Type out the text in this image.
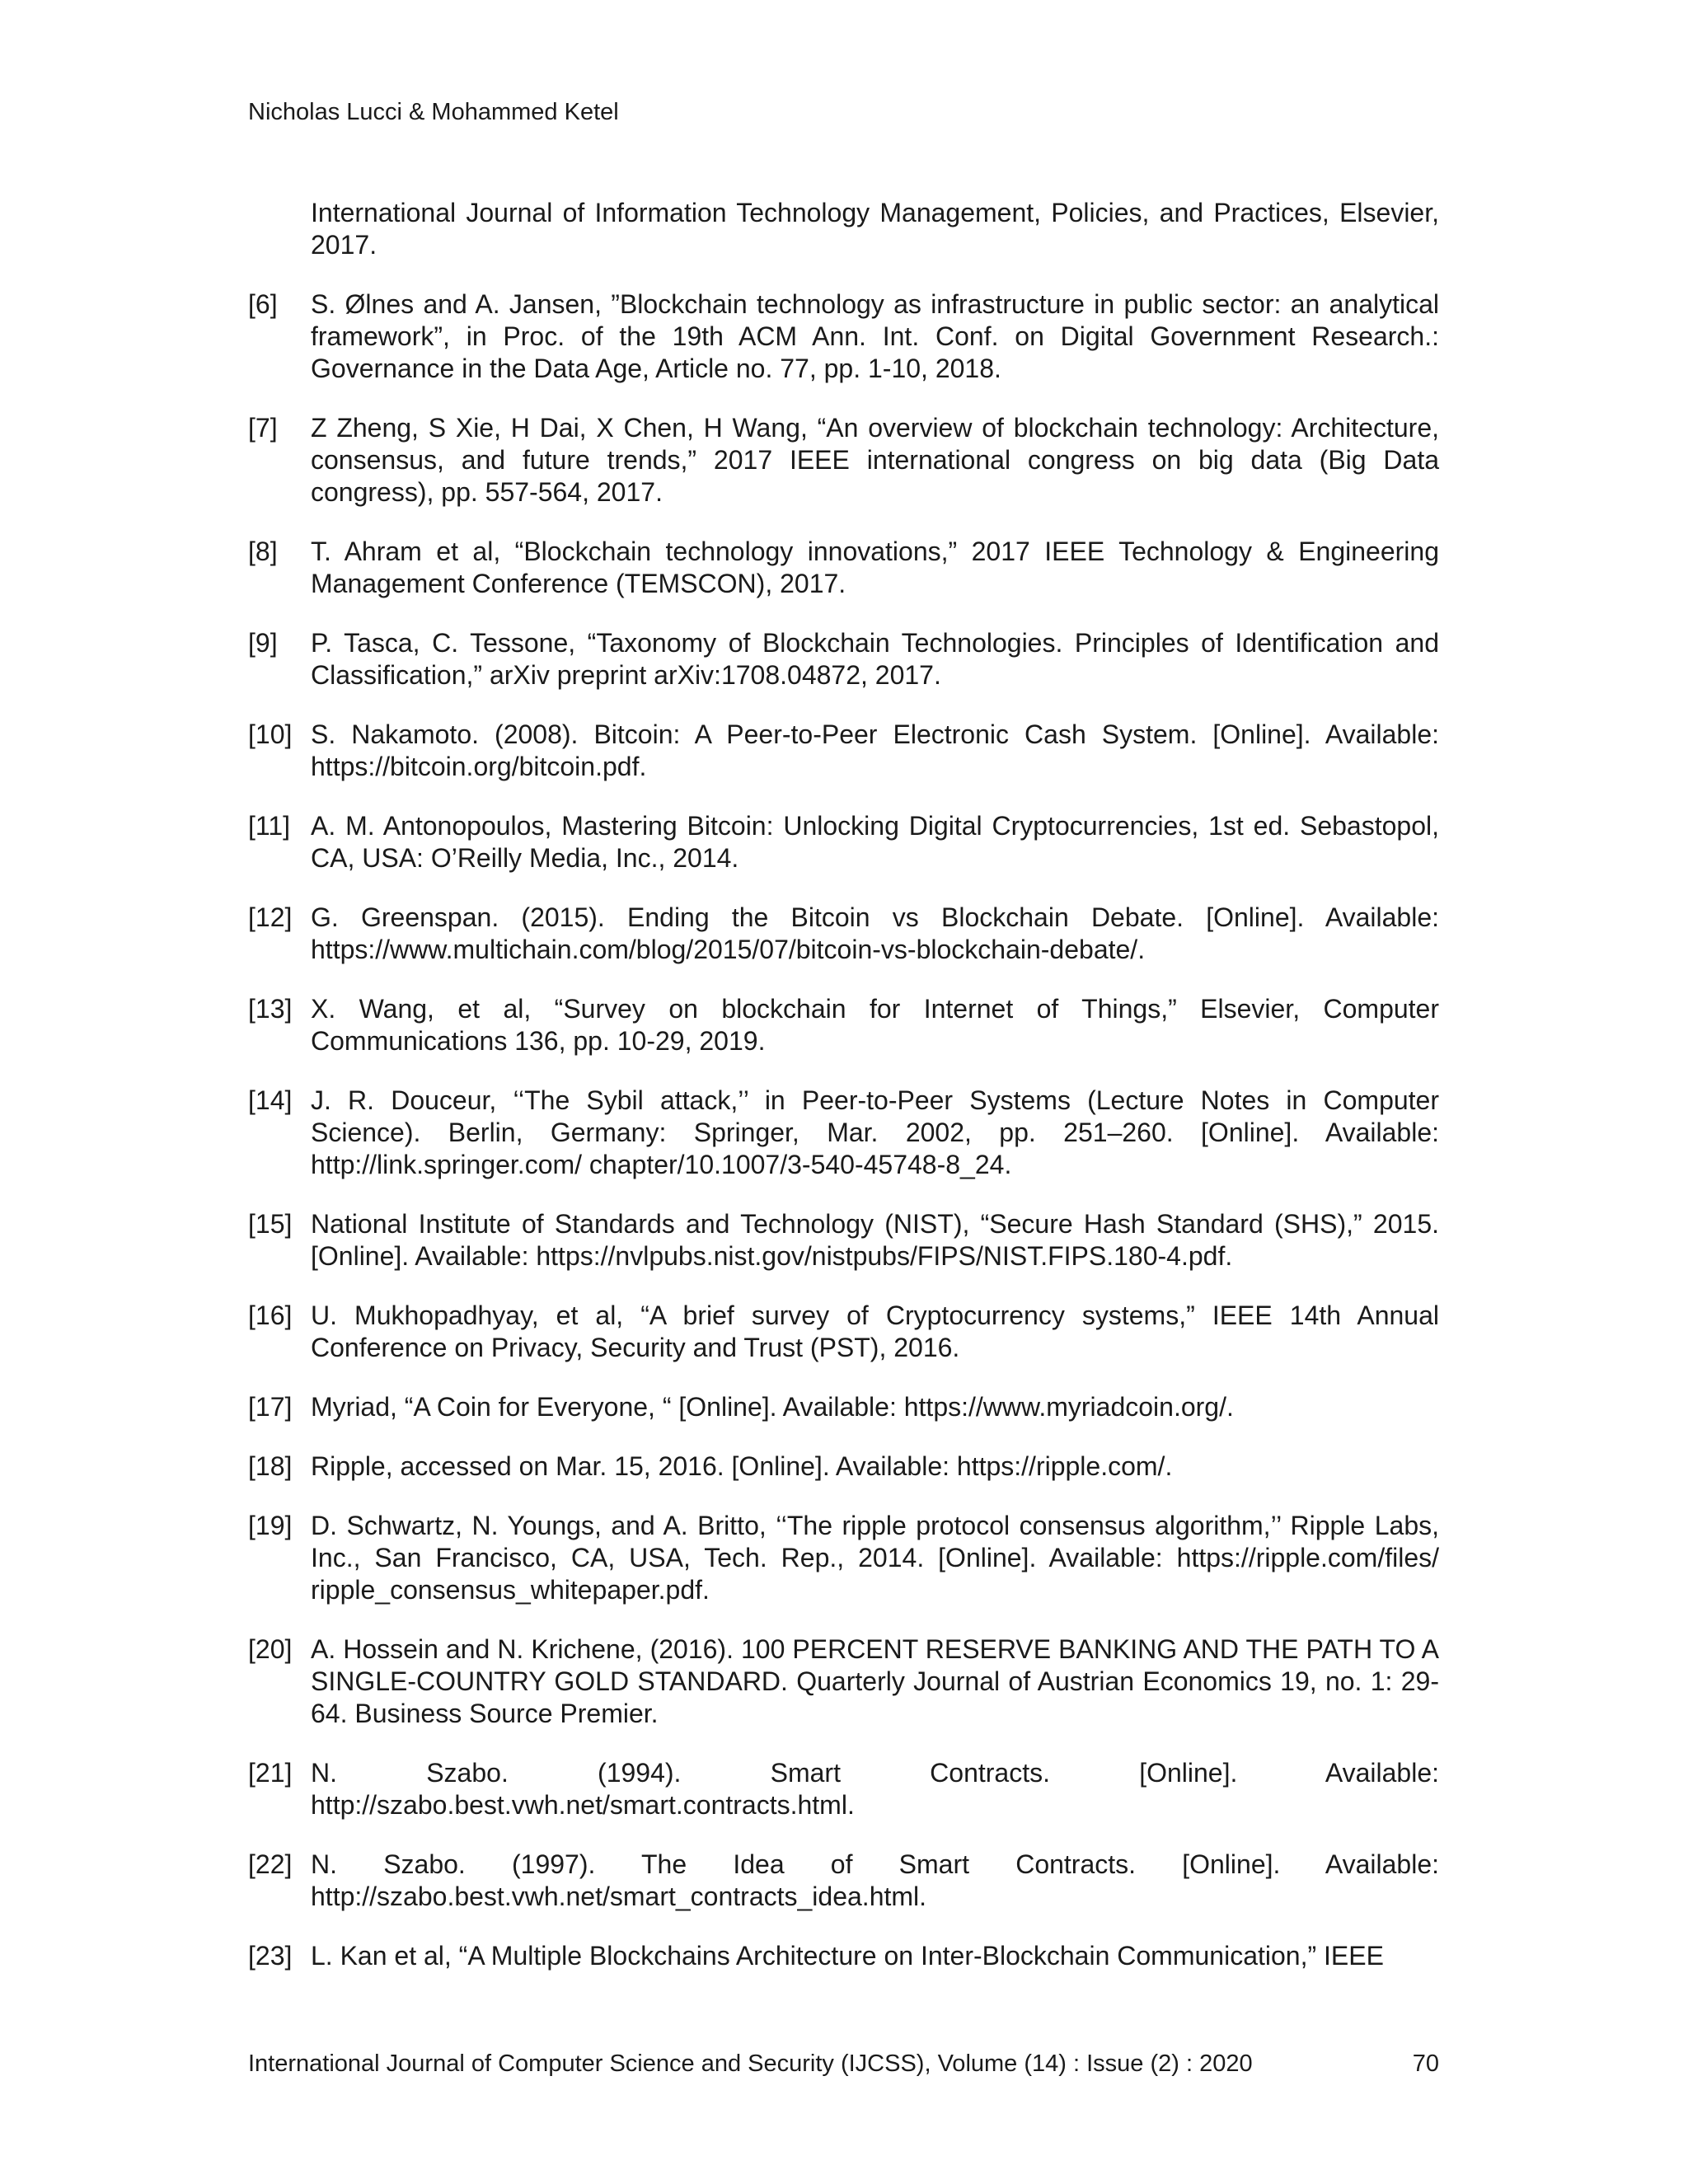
Nicholas Lucci & Mohammed Ketel
International Journal of Information Technology Management, Policies, and Practices, Elsevier, 2017.
[6] S. Ølnes and A. Jansen, ”Blockchain technology as infrastructure in public sector: an analytical framework”, in Proc. of the 19th ACM Ann. Int. Conf. on Digital Government Research.: Governance in the Data Age, Article no. 77, pp. 1-10, 2018.
[7] Z Zheng, S Xie, H Dai, X Chen, H Wang, “An overview of blockchain technology: Architecture, consensus, and future trends,” 2017 IEEE international congress on big data (Big Data congress), pp. 557-564, 2017.
[8] T. Ahram et al, “Blockchain technology innovations,” 2017 IEEE Technology & Engineering Management Conference (TEMSCON), 2017.
[9] P. Tasca, C. Tessone, “Taxonomy of Blockchain Technologies. Principles of Identification and Classification,” arXiv preprint arXiv:1708.04872, 2017.
[10] S. Nakamoto. (2008). Bitcoin: A Peer-to-Peer Electronic Cash System. [Online]. Available: https://bitcoin.org/bitcoin.pdf.
[11] A. M. Antonopoulos, Mastering Bitcoin: Unlocking Digital Cryptocurrencies, 1st ed. Sebastopol, CA, USA: O’Reilly Media, Inc., 2014.
[12] G. Greenspan. (2015). Ending the Bitcoin vs Blockchain Debate. [Online]. Available: https://www.multichain.com/blog/2015/07/bitcoin-vs-blockchain-debate/.
[13] X. Wang, et al, “Survey on blockchain for Internet of Things,” Elsevier, Computer Communications 136, pp. 10-29, 2019.
[14] J. R. Douceur, ‘‘The Sybil attack,’’ in Peer-to-Peer Systems (Lecture Notes in Computer Science). Berlin, Germany: Springer, Mar. 2002, pp. 251–260. [Online]. Available: http://link.springer.com/ chapter/10.1007/3-540-45748-8_24.
[15] National Institute of Standards and Technology (NIST), “Secure Hash Standard (SHS),” 2015. [Online]. Available: https://nvlpubs.nist.gov/nistpubs/FIPS/NIST.FIPS.180-4.pdf.
[16] U. Mukhopadhyay, et al, “A brief survey of Cryptocurrency systems,” IEEE 14th Annual Conference on Privacy, Security and Trust (PST), 2016.
[17] Myriad, “A Coin for Everyone, “ [Online]. Available: https://www.myriadcoin.org/.
[18] Ripple, accessed on Mar. 15, 2016. [Online]. Available: https://ripple.com/.
[19] D. Schwartz, N. Youngs, and A. Britto, ‘‘The ripple protocol consensus algorithm,’’ Ripple Labs, Inc., San Francisco, CA, USA, Tech. Rep., 2014. [Online]. Available: https://ripple.com/files/ ripple_consensus_whitepaper.pdf.
[20] A. Hossein and N. Krichene, (2016). 100 PERCENT RESERVE BANKING AND THE PATH TO A SINGLE-COUNTRY GOLD STANDARD. Quarterly Journal of Austrian Economics 19, no. 1: 29-64. Business Source Premier.
[21] N. Szabo. (1994). Smart Contracts. [Online]. Available: http://szabo.best.vwh.net/smart.contracts.html.
[22] N. Szabo. (1997). The Idea of Smart Contracts. [Online]. Available: http://szabo.best.vwh.net/smart_contracts_idea.html.
[23] L. Kan et al, “A Multiple Blockchains Architecture on Inter-Blockchain Communication,” IEEE
International Journal of Computer Science and Security (IJCSS), Volume (14) : Issue (2) : 2020	70
